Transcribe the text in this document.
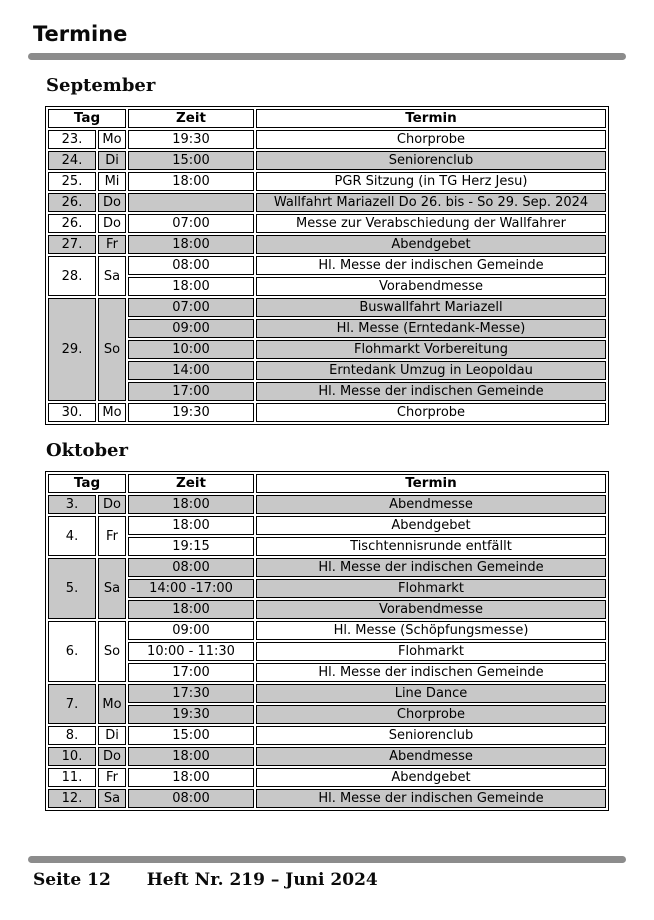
Termine
September
Tag		Zeit	Termin
23.	Mo	19:30	Chorprobe
24.	Di	15:00	Seniorenclub
25.	Mi	18:00	PGR Sitzung (in TG Herz Jesu)
26.	Do		Wallfahrt Mariazell Do 26. bis - So 29. Sep. 2024
26.	Do	07:00	Messe zur Verabschiedung der Wallfahrer
27.	Fr	18:00	Abendgebet
28.	Sa	08:00	Hl. Messe der indischen Gemeinde
		18:00	Vorabendmesse
29.	So	07:00	Buswallfahrt Mariazell
		09:00	Hl. Messe (Erntedank-Messe)
		10:00	Flohmarkt Vorbereitung
		14:00	Erntedank Umzug in Leopoldau
		17:00	Hl. Messe der indischen Gemeinde
30.	Mo	19:30	Chorprobe
Oktober
Tag		Zeit	Termin
3.	Do	18:00	Abendmesse
4.	Fr	18:00	Abendgebet
		19:15	Tischtennisrunde entfällt
5.	Sa	08:00	Hl. Messe der indischen Gemeinde
		14:00 -17:00	Flohmarkt
		18:00	Vorabendmesse
6.	So	09:00	Hl. Messe (Schöpfungsmesse)
		10:00 - 11:30	Flohmarkt
		17:00	Hl. Messe der indischen Gemeinde
7.	Mo	17:30	Line Dance
		19:30	Chorprobe
8.	Di	15:00	Seniorenclub
10.	Do	18:00	Abendmesse
11.	Fr	18:00	Abendgebet
12.	Sa	08:00	Hl. Messe der indischen Gemeinde
Seite 12 Heft Nr. 219 – Juni 2024
